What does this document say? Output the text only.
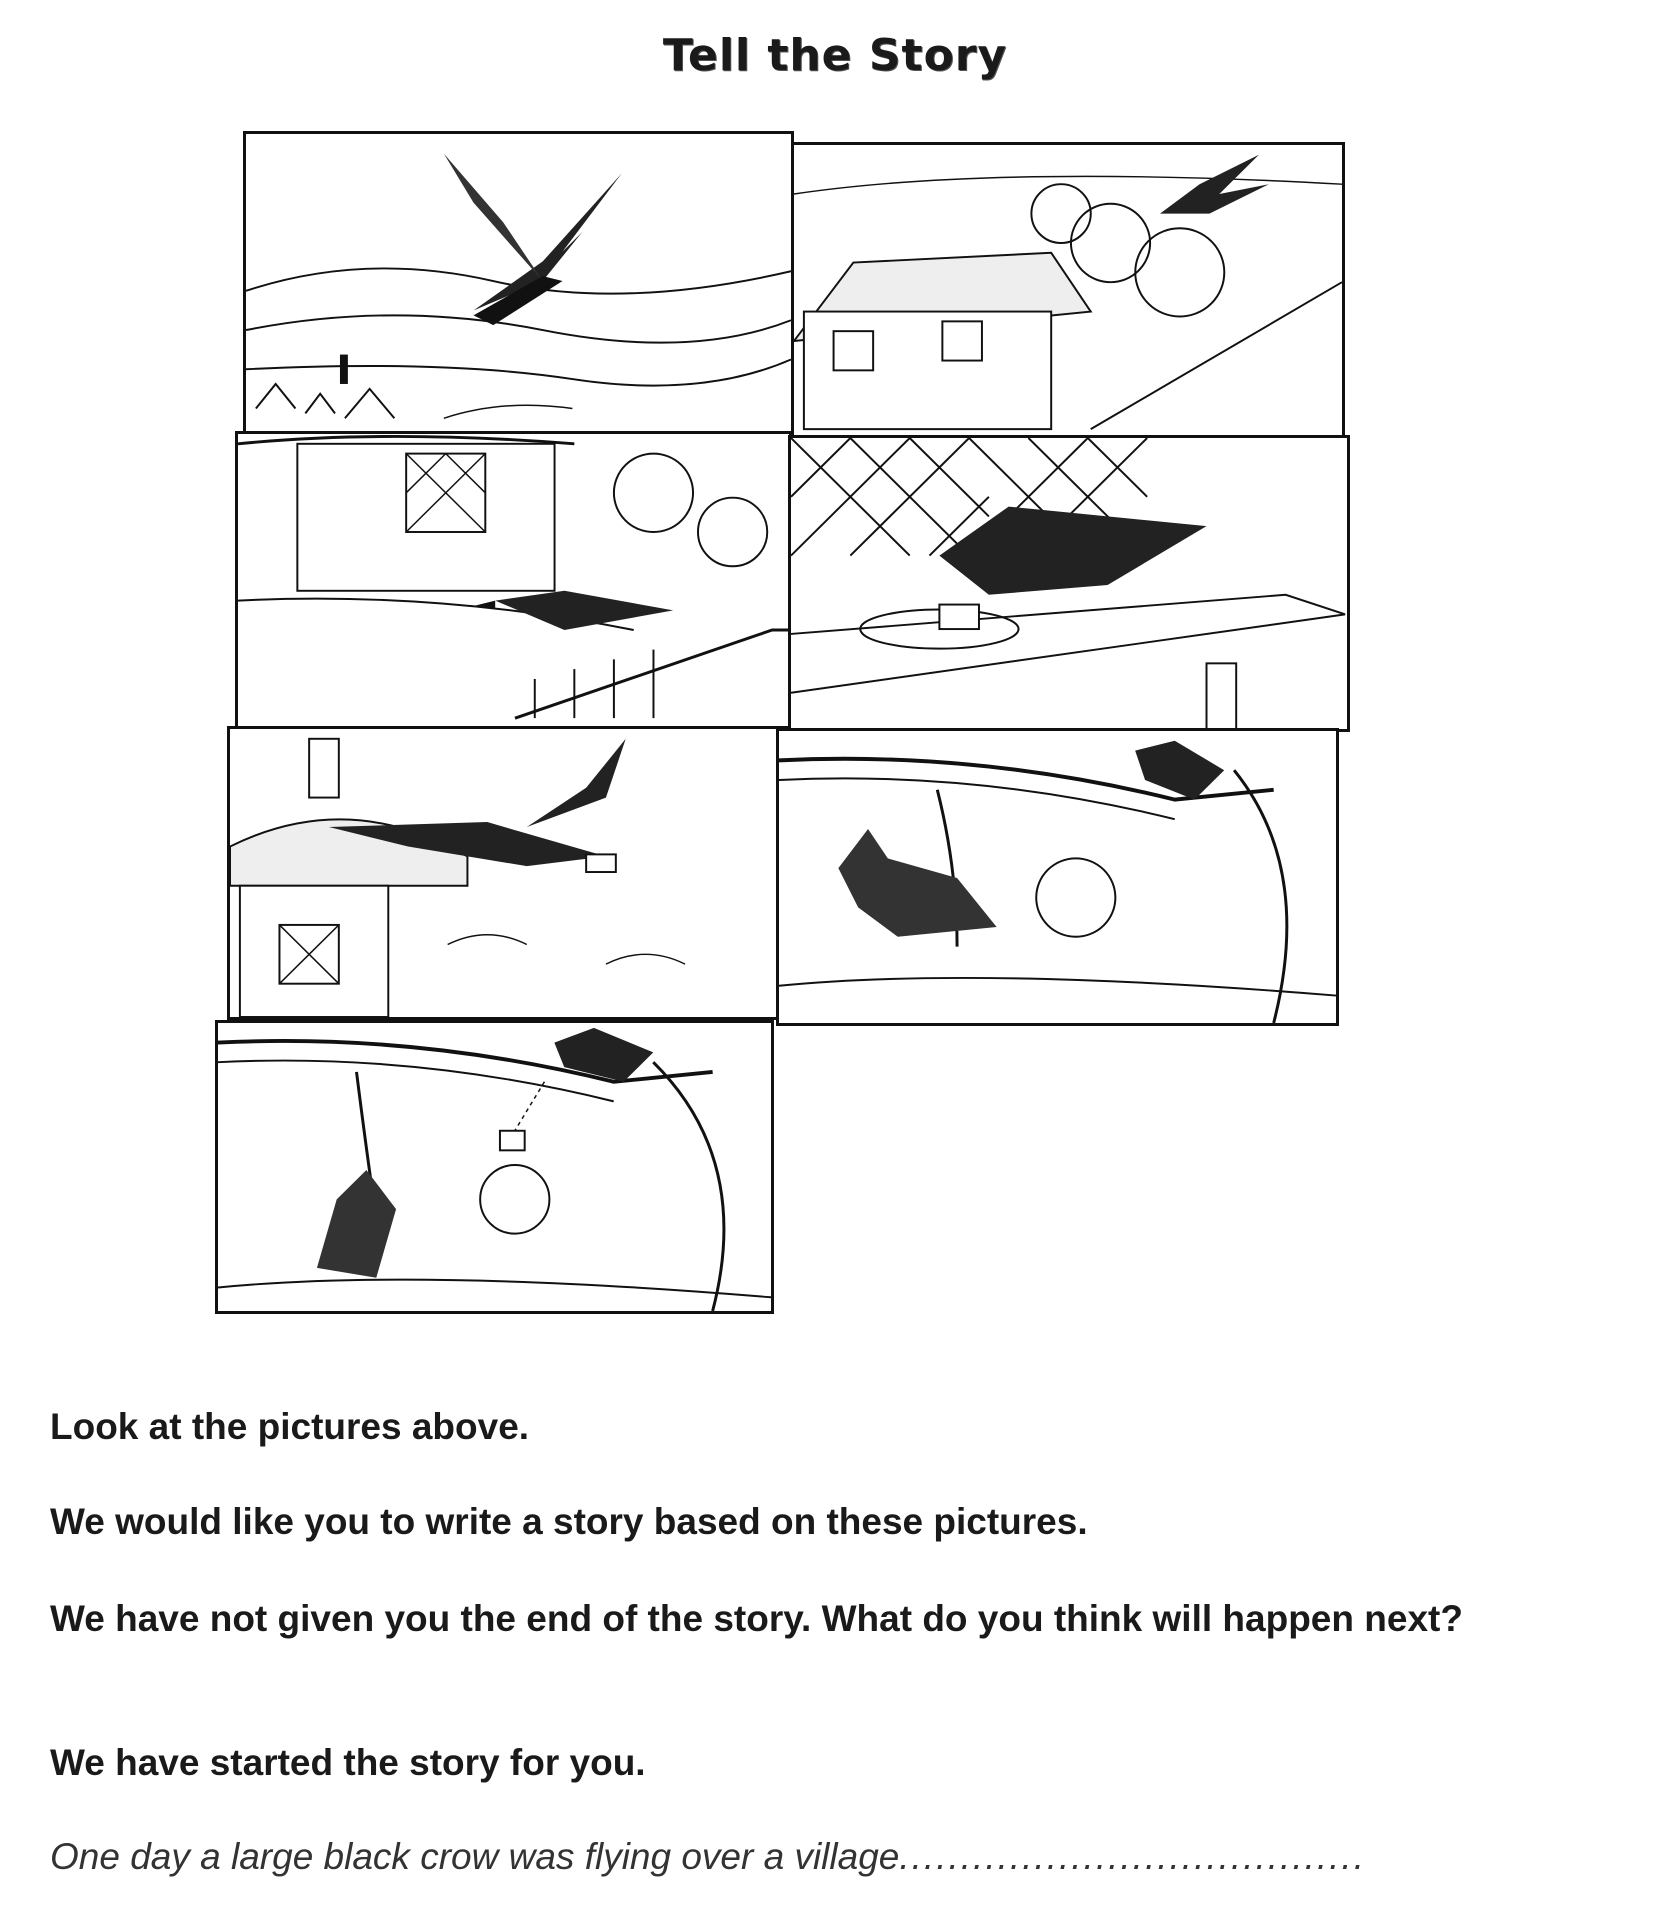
Tell the Story

Look at the pictures above.

We would like you to write a story based on these pictures.

We have not given you the end of the story. What do you think will happen next?

We have started the story for you.

One day a large black crow was flying over a village......................................
